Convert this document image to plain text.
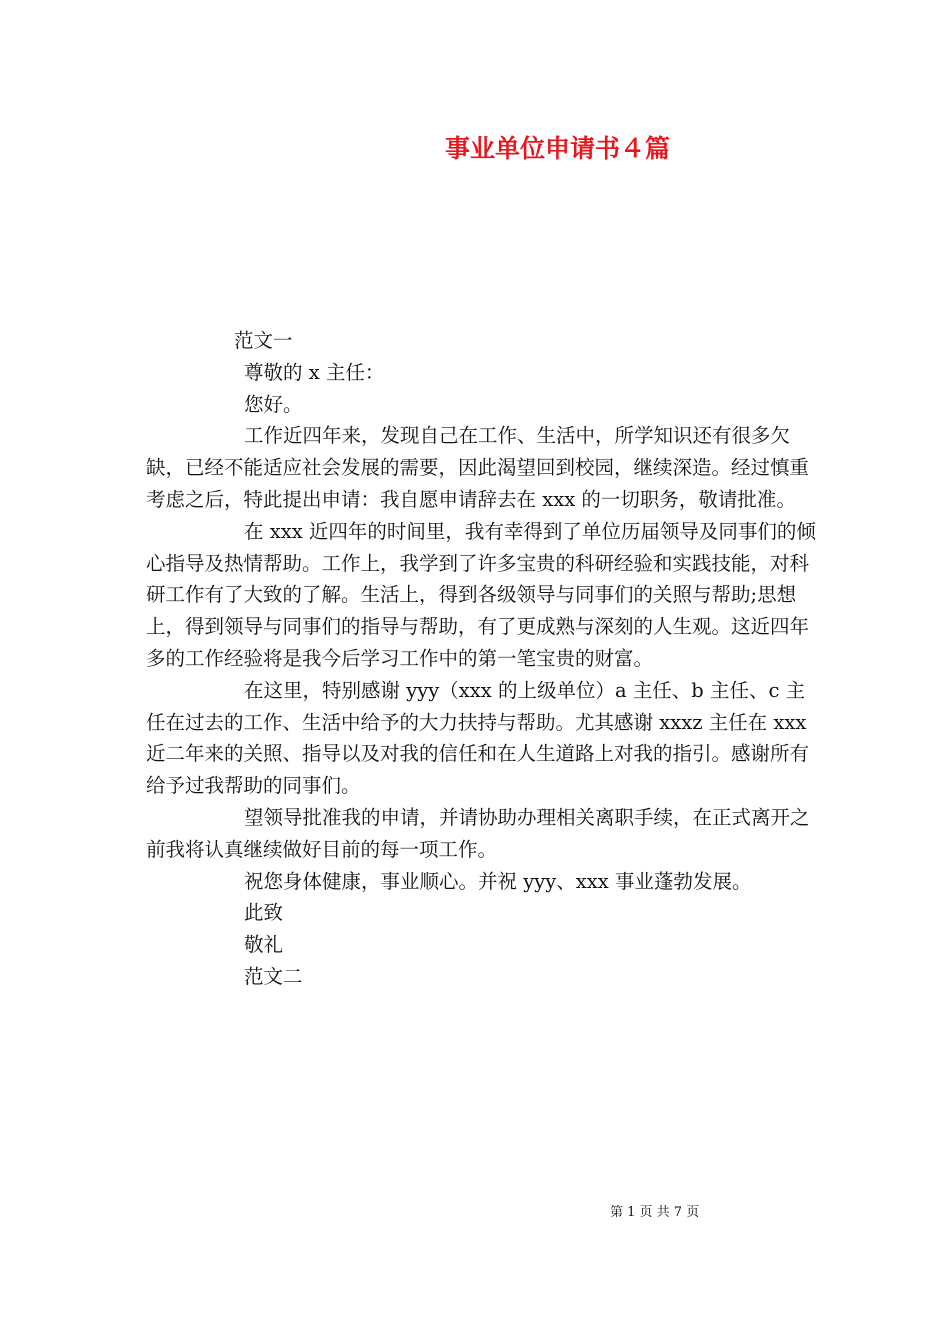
事业单位申请书４篇

范文一

尊敬的 x 主任：

您好。

工作近四年来，发现自己在工作、生活中，所学知识还有很多欠缺，已经不能适应社会发展的需要，因此渴望回到校园，继续深造。经过慎重考虑之后，特此提出申请：我自愿申请辞去在 xxx 的一切职务，敬请批准。

在 xxx 近四年的时间里，我有幸得到了单位历届领导及同事们的倾心指导及热情帮助。工作上，我学到了许多宝贵的科研经验和实践技能，对科研工作有了大致的了解。生活上，得到各级领导与同事们的关照与帮助;思想上，得到领导与同事们的指导与帮助，有了更成熟与深刻的人生观。这近四年多的工作经验将是我今后学习工作中的第一笔宝贵的财富。

在这里，特别感谢 yyy（xxx 的上级单位）a 主任、b 主任、c 主任在过去的工作、生活中给予的大力扶持与帮助。尤其感谢 xxxz 主任在 xxx 近二年来的关照、指导以及对我的信任和在人生道路上对我的指引。感谢所有给予过我帮助的同事们。

望领导批准我的申请，并请协助办理相关离职手续，在正式离开之前我将认真继续做好目前的每一项工作。

祝您身体健康，事业顺心。并祝 yyy、xxx 事业蓬勃发展。

此致

敬礼

范文二

第 1 页 共 7 页
